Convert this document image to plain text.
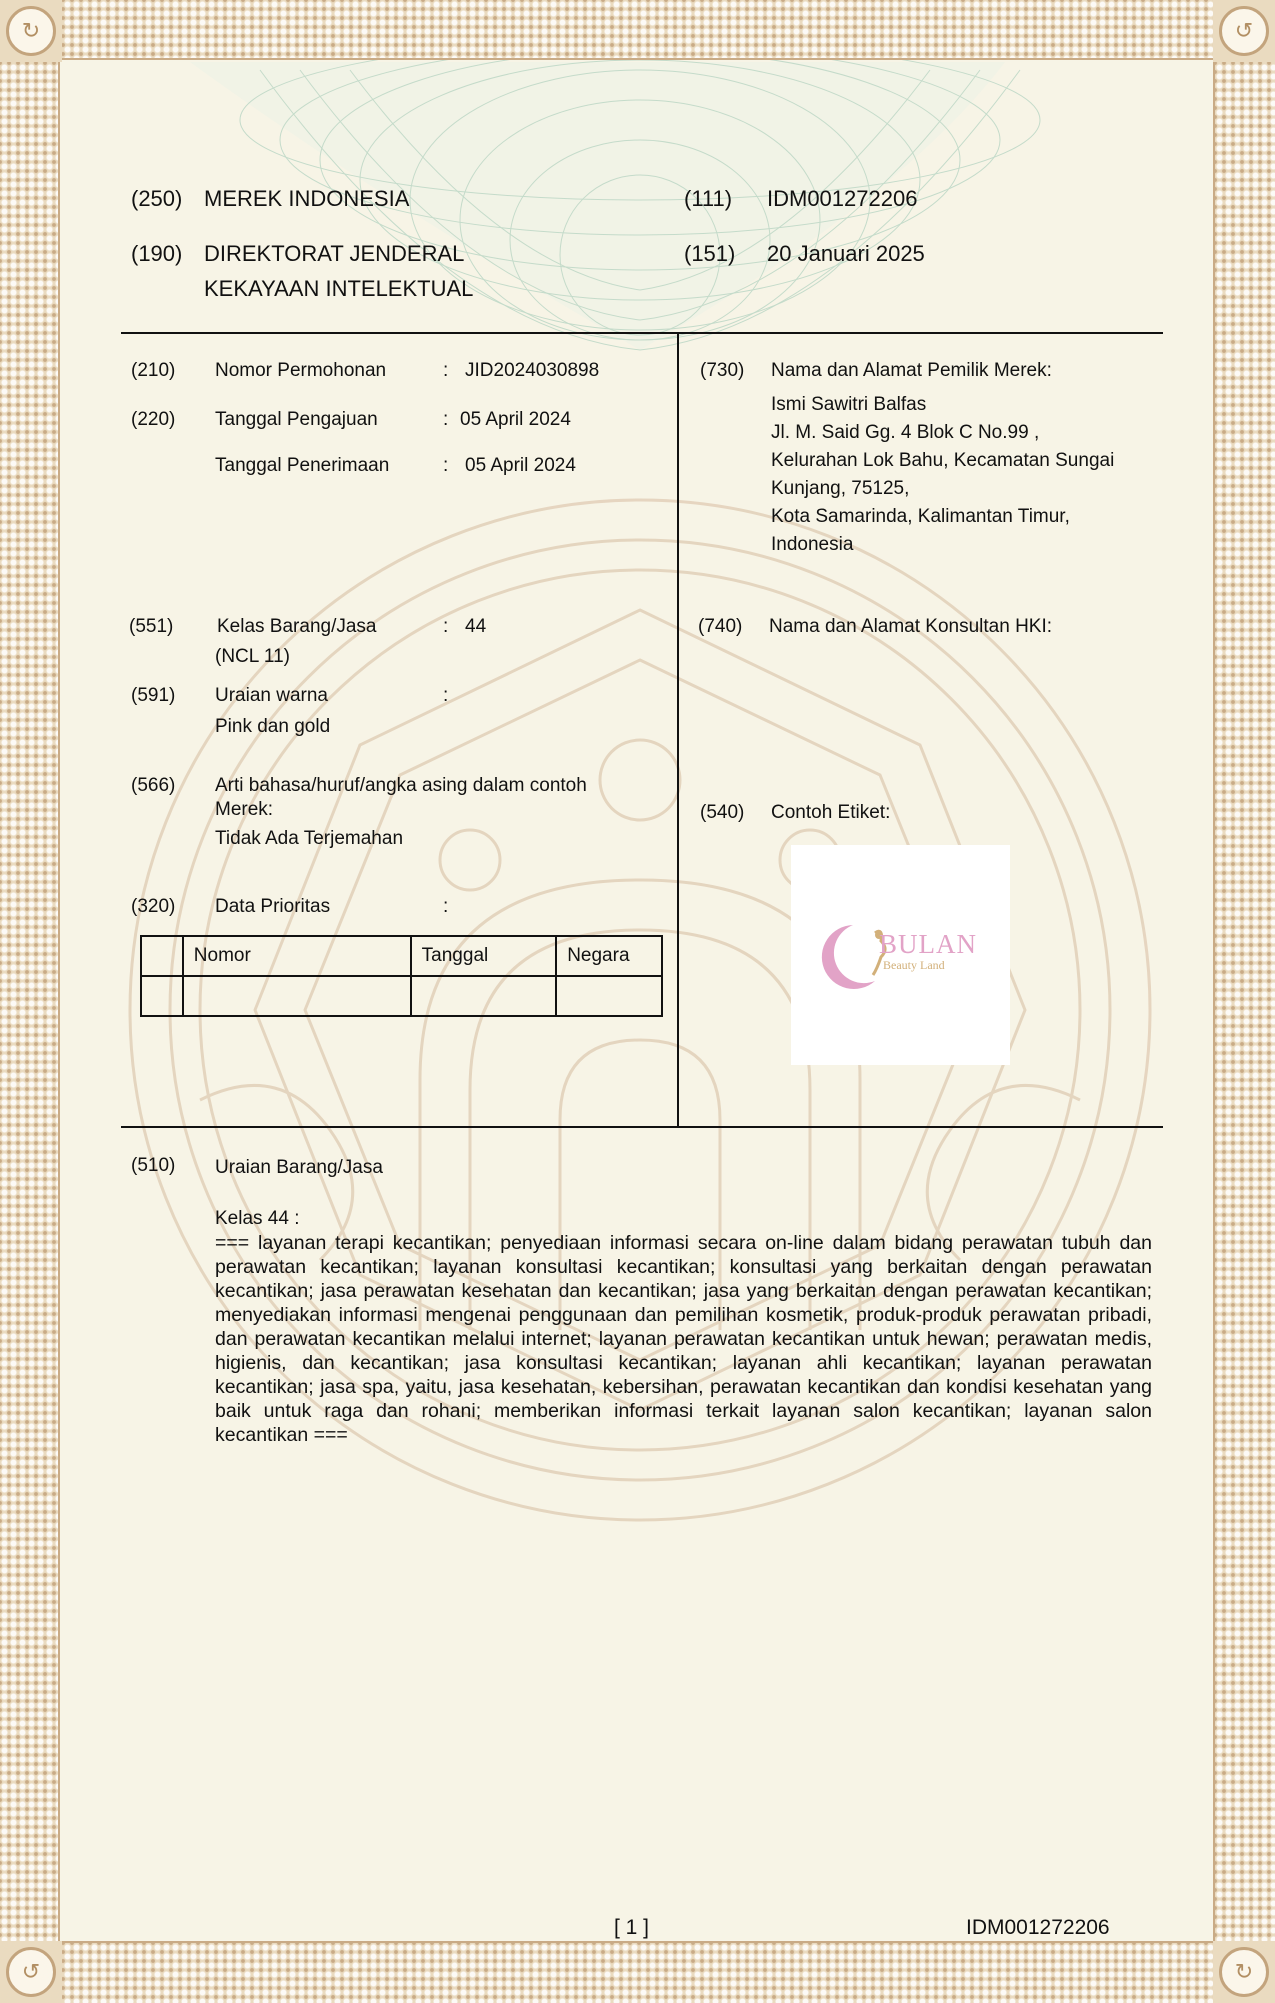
↻	↺
↺	↻
(250) MEREK INDONESIA	(111) IDM001272206
(190) DIREKTORAT JENDERAL
KEKAYAAN INTELEKTUAL
(151) 20 Januari 2025
(210) Nomor Permohonan	: JID2024030898
(220) Tanggal Pengajuan	: 05 April 2024
Tanggal Penerimaan	: 05 April 2024
(551) Kelas Barang/Jasa	: 44
(NCL 11)
(591) Uraian warna	:
Pink dan gold
(566) Arti bahasa/huruf/angka asing dalam contoh
Merek:
Tidak Ada Terjemahan
(320) Data Prioritas	:
	Nomor	Tanggal	Negara

(730) Nama dan Alamat Pemilik Merek:
Ismi Sawitri Balfas
Jl. M. Said Gg. 4 Blok C No.99 ,
Kelurahan Lok Bahu, Kecamatan Sungai
Kunjang, 75125,
Kota Samarinda, Kalimantan Timur,
Indonesia
(740) Nama dan Alamat Konsultan HKI:
(540) Contoh Etiket:
BULAN
Beauty Land
(510) Uraian Barang/Jasa
Kelas 44 :
=== layanan terapi kecantikan; penyediaan informasi secara on-line dalam bidang perawatan tubuh dan perawatan kecantikan; layanan konsultasi kecantikan; konsultasi yang berkaitan dengan perawatan kecantikan; jasa perawatan kesehatan dan kecantikan; jasa yang berkaitan dengan perawatan kecantikan; menyediakan informasi mengenai penggunaan dan pemilihan kosmetik, produk-produk perawatan pribadi, dan perawatan kecantikan melalui internet; layanan perawatan kecantikan untuk hewan; perawatan medis, higienis, dan kecantikan; jasa konsultasi kecantikan; layanan ahli kecantikan; layanan perawatan kecantikan; jasa spa, yaitu, jasa kesehatan, kebersihan, perawatan kecantikan dan kondisi kesehatan yang baik untuk raga dan rohani; memberikan informasi terkait layanan salon kecantikan; layanan salon kecantikan ===
[ 1 ]	IDM001272206
